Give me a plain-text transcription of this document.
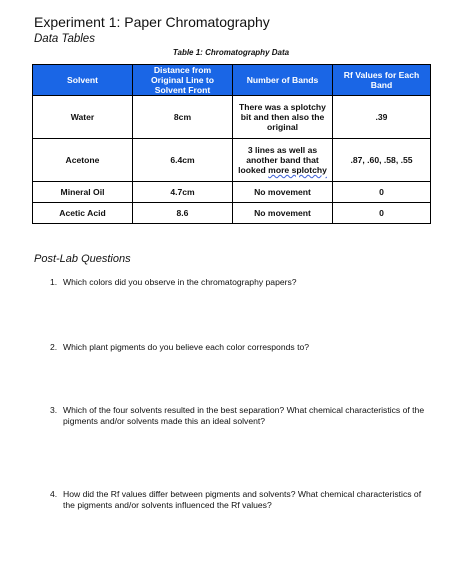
Experiment 1: Paper Chromatography
Data Tables
Table 1: Chromatography Data
Solvent	Distance from Original Line to Solvent Front	Number of Bands	Rf Values for Each Band
Water	8cm	There was a splotchy bit and then also the original	.39
Acetone	6.4cm	3 lines as well as another band that looked more splotchy	.87, .60, .58, .55
Mineral Oil	4.7cm	No movement	0
Acetic Acid	8.6	No movement	0
Post-Lab Questions
1. Which colors did you observe in the chromatography papers?
2. Which plant pigments do you believe each color corresponds to?
3. Which of the four solvents resulted in the best separation? What chemical characteristics of the pigments and/or solvents made this an ideal solvent?
4. How did the Rf values differ between pigments and solvents? What chemical characteristics of the pigments and/or solvents influenced the Rf values?
